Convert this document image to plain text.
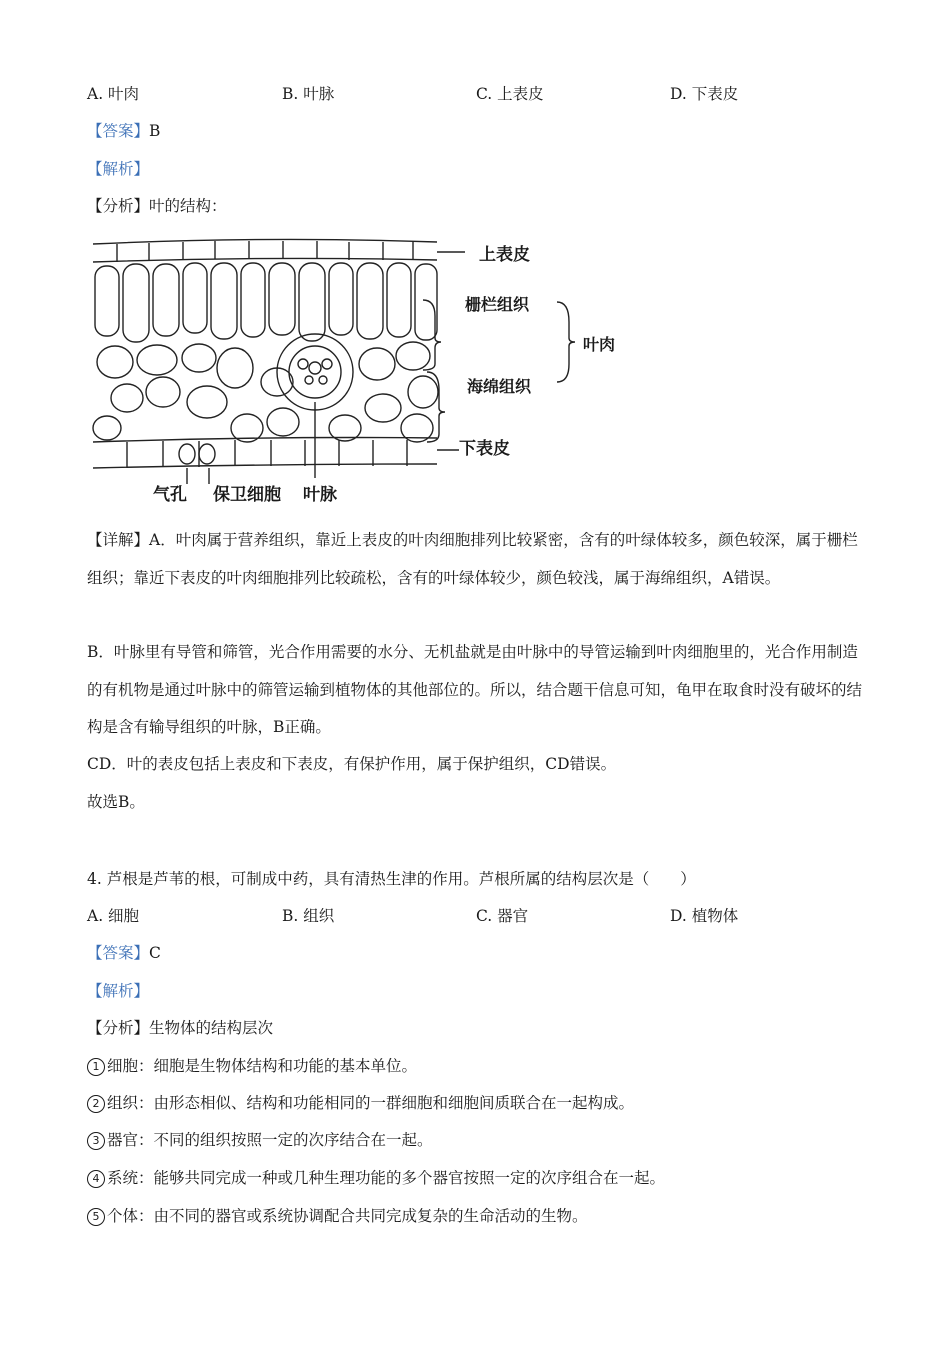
A. 叶肉	B. 叶脉	C. 上表皮	D. 下表皮
【答案】B
【解析】
【分析】叶的结构：
上表皮
栅栏组织
叶肉
海绵组织
下表皮
气孔 保卫细胞 叶脉
【详解】A．叶肉属于营养组织，靠近上表皮的叶肉细胞排列比较紧密，含有的叶绿体较多，颜色较深，属于栅栏组织；靠近下表皮的叶肉细胞排列比较疏松，含有的叶绿体较少，颜色较浅，属于海绵组织，A错误。
B．叶脉里有导管和筛管，光合作用需要的水分、无机盐就是由叶脉中的导管运输到叶肉细胞里的，光合作用制造的有机物是通过叶脉中的筛管运输到植物体的其他部位的。所以，结合题干信息可知，龟甲在取食时没有破坏的结构是含有输导组织的叶脉，B正确。
CD．叶的表皮包括上表皮和下表皮，有保护作用，属于保护组织，CD错误。
故选B。
4. 芦根是芦苇的根，可制成中药，具有清热生津的作用。芦根所属的结构层次是（　　）
A. 细胞	B. 组织	C. 器官	D. 植物体
【答案】C
【解析】
【分析】生物体的结构层次
1 细胞：细胞是生物体结构和功能的基本单位。
2 组织：由形态相似、结构和功能相同的一群细胞和细胞间质联合在一起构成。
3 器官：不同的组织按照一定的次序结合在一起。
4 系统：能够共同完成一种或几种生理功能的多个器官按照一定的次序组合在一起。
5 个体：由不同的器官或系统协调配合共同完成复杂的生命活动的生物。
